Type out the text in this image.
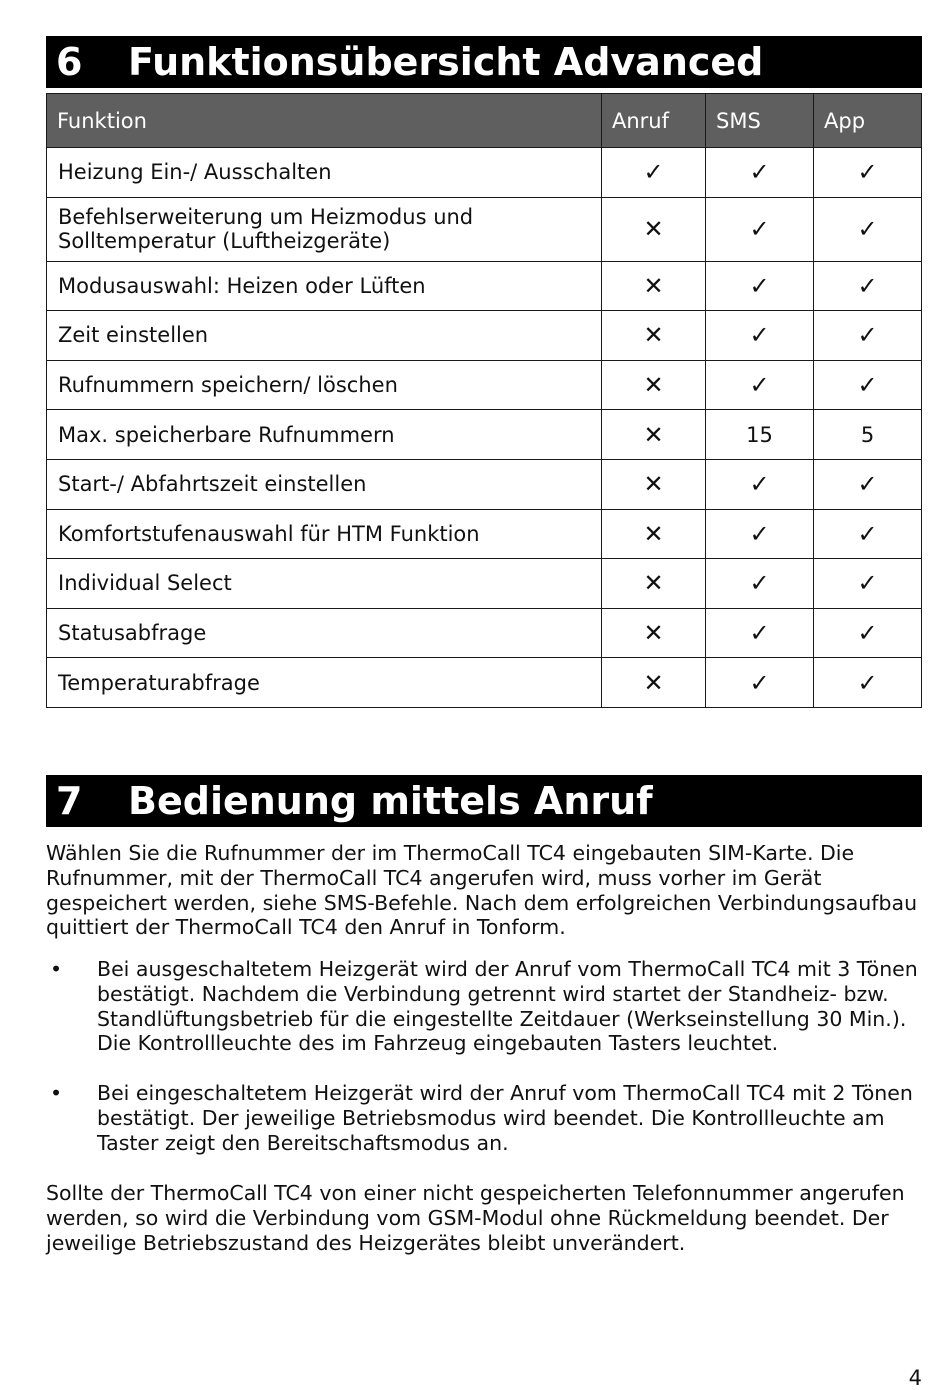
6 Funktionsübersicht Advanced
Funktion	Anruf	SMS	App
Heizung Ein-/ Ausschalten	✓	✓	✓
Befehlserweiterung um Heizmodus und Solltemperatur (Luftheizgeräte)	✕	✓	✓
Modusauswahl: Heizen oder Lüften	✕	✓	✓
Zeit einstellen	✕	✓	✓
Rufnummern speichern/ löschen	✕	✓	✓
Max. speicherbare Rufnummern	✕	15	5
Start-/ Abfahrtszeit einstellen	✕	✓	✓
Komfortstufenauswahl für HTM Funktion	✕	✓	✓
Individual Select	✕	✓	✓
Statusabfrage	✕	✓	✓
Temperaturabfrage	✕	✓	✓
7 Bedienung mittels Anruf

Wählen Sie die Rufnummer der im ThermoCall TC4 eingebauten SIM-Karte. Die Rufnummer, mit der ThermoCall TC4 angerufen wird, muss vorher im Gerät gespeichert werden, siehe SMS-Befehle. Nach dem erfolgreichen Verbindungsaufbau quittiert der ThermoCall TC4 den Anruf in Tonform.

• Bei ausgeschaltetem Heizgerät wird der Anruf vom ThermoCall TC4 mit 3 Tönen bestätigt. Nachdem die Verbindung getrennt wird startet der Standheiz- bzw. Standlüftungsbetrieb für die eingestellte Zeitdauer (Werkseinstellung 30 Min.). Die Kontrollleuchte des im Fahrzeug eingebauten Tasters leuchtet.
• Bei eingeschaltetem Heizgerät wird der Anruf vom ThermoCall TC4 mit 2 Tönen bestätigt. Der jeweilige Betriebsmodus wird beendet. Die Kontrollleuchte am Taster zeigt den Bereitschaftsmodus an.

Sollte der ThermoCall TC4 von einer nicht gespeicherten Telefonnummer angerufen werden, so wird die Verbindung vom GSM-Modul ohne Rückmeldung beendet. Der jeweilige Betriebszustand des Heizgerätes bleibt unverändert.

4
